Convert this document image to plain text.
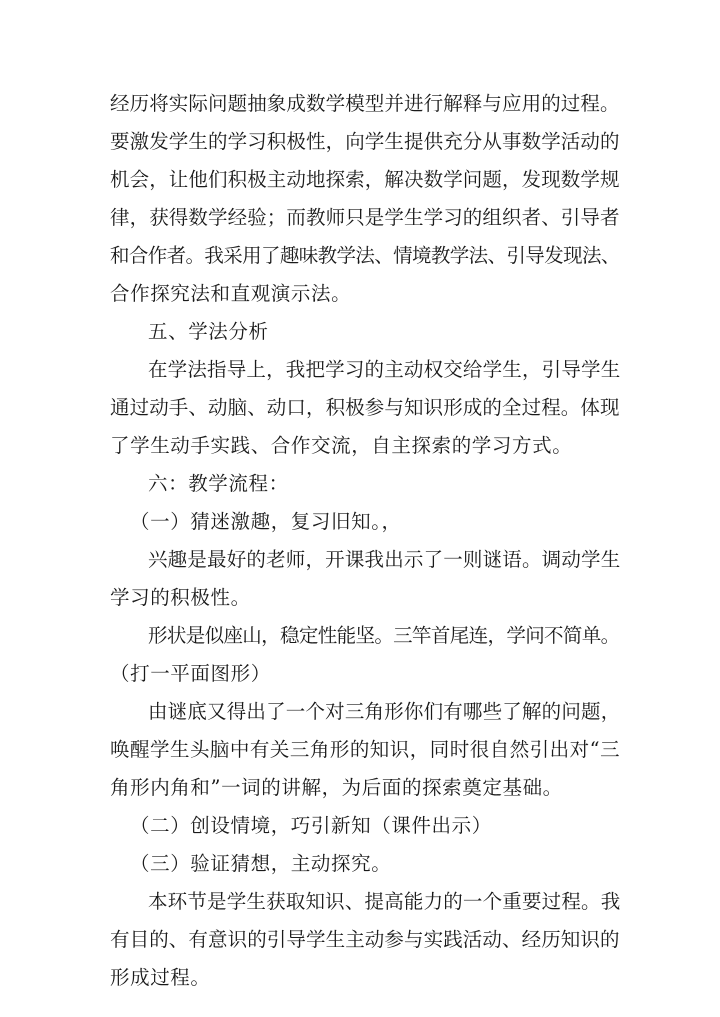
经历将实际问题抽象成数学模型并进行解释与应用的过程。
要激发学生的学习积极性，向学生提供充分从事数学活动的
机会，让他们积极主动地探索，解决数学问题，发现数学规
律，获得数学经验；而教师只是学生学习的组织者、引导者
和合作者。我采用了趣味教学法、情境教学法、引导发现法、
合作探究法和直观演示法。
五、学法分析
在学法指导上，我把学习的主动权交给学生，引导学生
通过动手、动脑、动口，积极参与知识形成的全过程。体现
了学生动手实践、合作交流，自主探索的学习方式。
六：教学流程：
（一）猜迷激趣，复习旧知。，
兴趣是最好的老师，开课我出示了一则谜语。调动学生
学习的积极性。
形状是似座山，稳定性能坚。三竿首尾连，学问不简单。
（打一平面图形）
由谜底又得出了一个对三角形你们有哪些了解的问题，
唤醒学生头脑中有关三角形的知识，同时很自然引出对“三
角形内角和”一词的讲解，为后面的探索奠定基础。
（二）创设情境，巧引新知（课件出示）
（三）验证猜想，主动探究。
本环节是学生获取知识、提高能力的一个重要过程。我
有目的、有意识的引导学生主动参与实践活动、经历知识的
形成过程。
